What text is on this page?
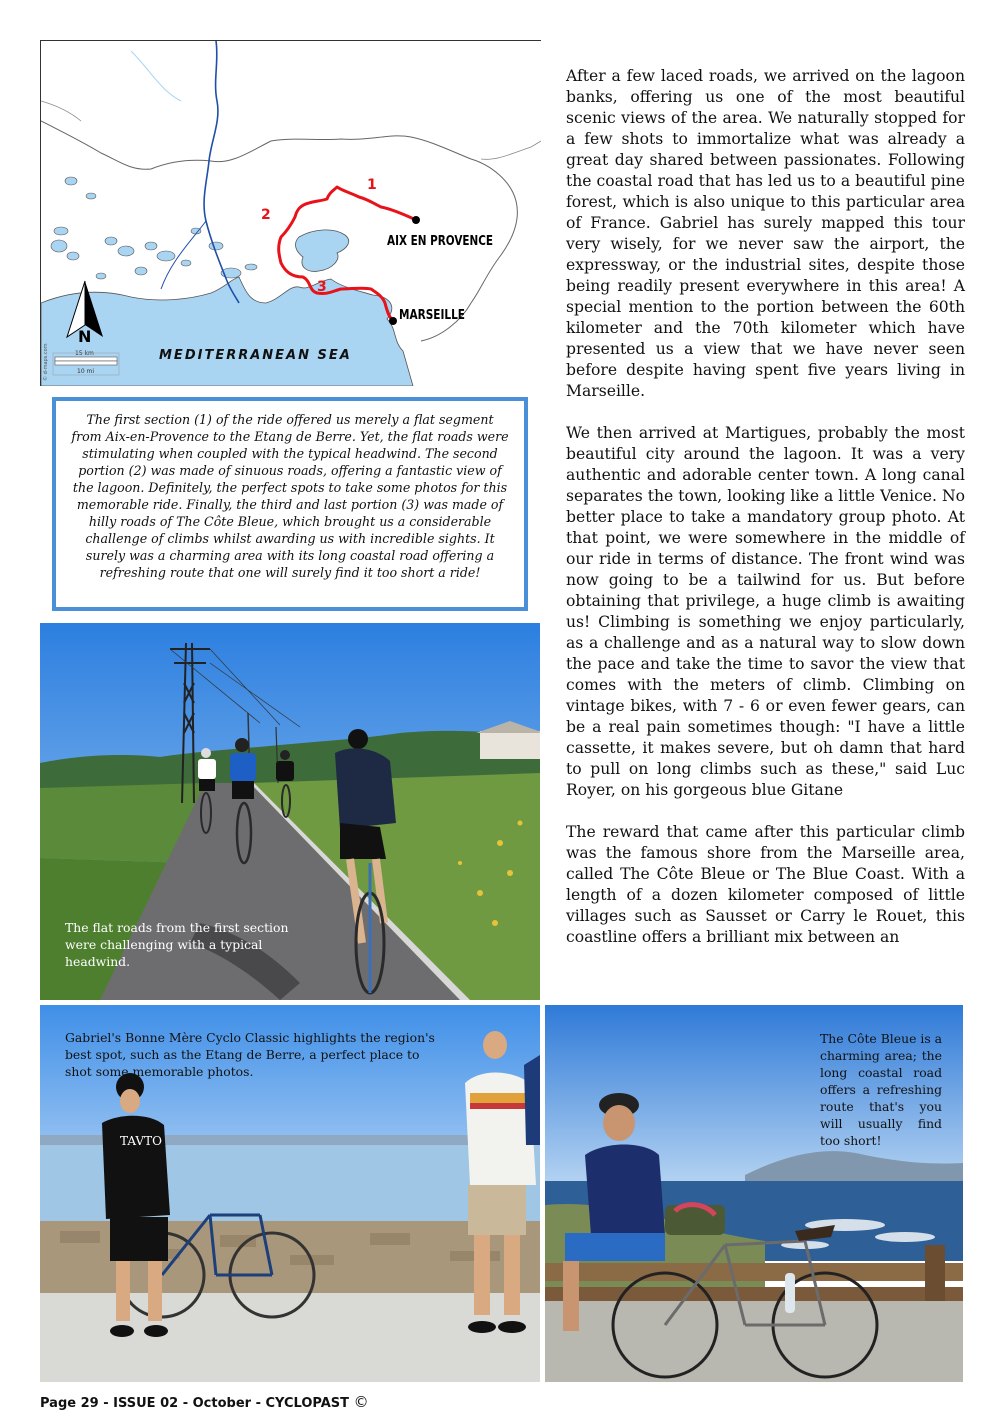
1
2
3
AIX EN PROVENCE
MARSEILLE
MEDITERRANEAN SEA
N
15 km
10 mi
© d-maps.com

The first section (1) of the ride offered us merely a flat segment from Aix-en-Provence to the Etang de Berre. Yet, the flat roads were stimulating when coupled with the typical headwind. The second portion (2) was made of sinuous roads, offering a fantastic view of the lagoon. Definitely, the perfect spots to take some photos for this memorable ride. Finally, the third and last portion (3) was made of hilly roads of The Côte Bleue, which brought us a considerable challenge of climbs whilst awarding us with incredible sights. It surely was a charming area with its long coastal road offering a refreshing route that one will surely find it too short a ride!

After a few laced roads, we arrived on the lagoon banks, offering us one of the most beautiful scenic views of the area. We naturally stopped for a few shots to immortalize what was already a great day shared between passionates. Following the coastal road that has led us to a beautiful pine forest, which is also unique to this particular area of France. Gabriel has surely mapped this tour very wisely, for we never saw the airport, the expressway, or the industrial sites, despite those being readily present everywhere in this area! A special mention to the portion between the 60th kilometer and the 70th kilometer which have presented us a view that we have never seen before despite having spent five years living in Marseille.

We then arrived at Martigues, probably the most beautiful city around the lagoon. It was a very authentic and adorable center town. A long canal separates the town, looking like a little Venice. No better place to take a mandatory group photo. At that point, we were somewhere in the middle of our ride in terms of distance. The front wind was now going to be a tailwind for us. But before obtaining that privilege, a huge climb is awaiting us! Climbing is something we enjoy particularly, as a challenge and as a natural way to slow down the pace and take the time to savor the view that comes with the meters of climb. Climbing on vintage bikes, with 7 - 6 or even fewer gears, can be a real pain sometimes though: "I have a little cassette, it makes severe, but oh damn that hard to pull on long climbs such as these," said Luc Royer, on his gorgeous blue Gitane

The reward that came after this particular climb was the famous shore from the Marseille area, called The Côte Bleue or The Blue Coast. With a length of a dozen kilometer composed of little villages such as Sausset or Carry le Rouet, this coastline offers a brilliant mix between an

The flat roads from the first section were challenging with a typical headwind.
TAVTO
Gabriel's Bonne Mère Cyclo Classic highlights the region's best spot, such as the Etang de Berre, a perfect place to shot some memorable photos.
The Côte Bleue is a charming area; the long coastal road offers a refreshing route that's you will usually find too short!
Page 29 - ISSUE 02 - October - CYCLOPAST ©
